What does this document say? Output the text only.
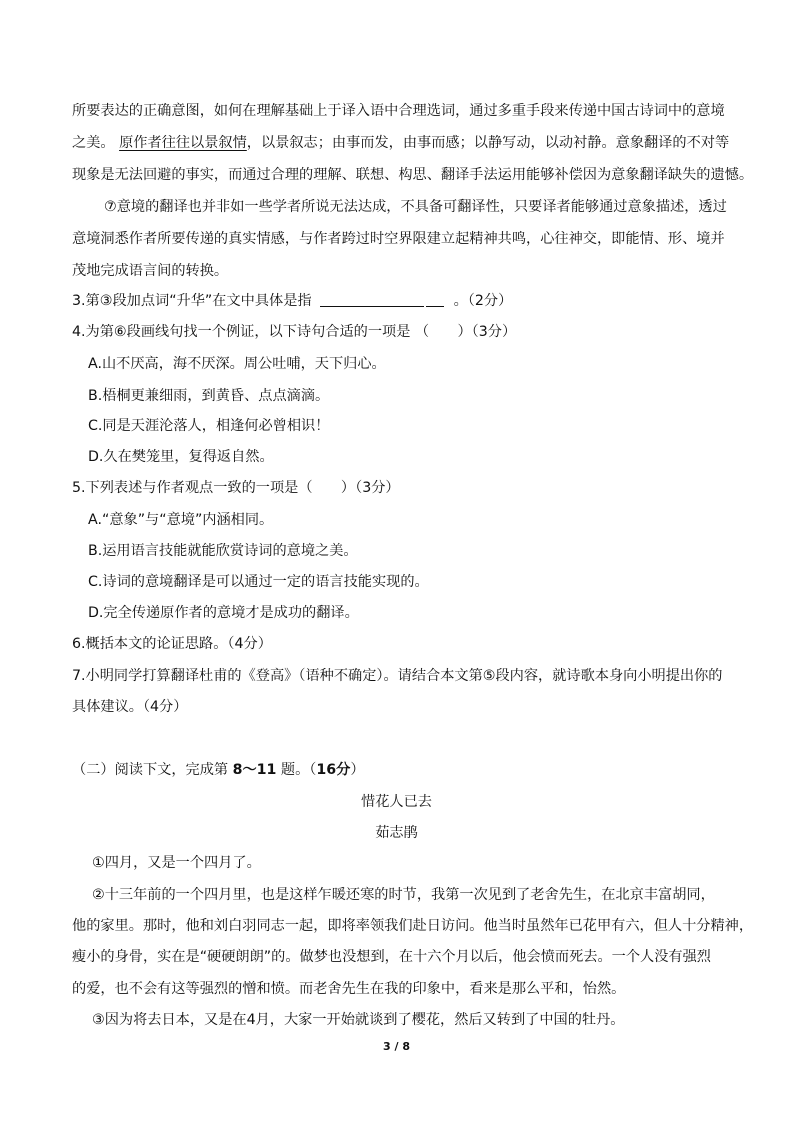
所要表达的正确意图，如何在理解基础上于译入语中合理选词，通过多重手段来传递中国古诗词中的意境
之美。 原作者往往以景叙情，以景叙志；由事而发，由事而感；以静写动，以动衬静。意象翻译的不对等
现象是无法回避的事实，而通过合理的理解、联想、构思、翻译手法运用能够补偿因为意象翻译缺失的遗憾。
⑦意境的翻译也并非如一些学者所说无法达成，不具备可翻译性，只要译者能够通过意象描述，透过
意境洞悉作者所要传递的真实情感，与作者跨过时空界限建立起精神共鸣，心往神交，即能情、形、境并
茂地完成语言间的转换。
3.第③段加点词“升华”在文中具体是指	。（2分）
4.为第⑥段画线句找一个例证，以下诗句合适的一项是 （　　）（3分）
A.山不厌高，海不厌深。周公吐哺，天下归心。
B.梧桐更兼细雨，到黄昏、点点滴滴。
C.同是天涯沦落人，相逢何必曾相识！
D.久在樊笼里，复得返自然。
5.下列表述与作者观点一致的一项是（　　）（3分）
A.“意象”与“意境”内涵相同。
B.运用语言技能就能欣赏诗词的意境之美。
C.诗词的意境翻译是可以通过一定的语言技能实现的。
D.完全传递原作者的意境才是成功的翻译。
6.概括本文的论证思路。（4分）
7.小明同学打算翻译杜甫的《登高》（语种不确定）。请结合本文第⑤段内容，就诗歌本身向小明提出你的
具体建议。（4分）
（二）阅读下文，完成第 8～11 题。（16分）
惜花人已去
茹志鹃
①四月，又是一个四月了。
②十三年前的一个四月里，也是这样乍暖还寒的时节，我第一次见到了老舍先生，在北京丰富胡同，
他的家里。那时，他和刘白羽同志一起，即将率领我们赴日访问。他当时虽然年已花甲有六，但人十分精神，
瘦小的身骨，实在是“硬硬朗朗”的。做梦也没想到，在十六个月以后，他会愤而死去。一个人没有强烈
的爱，也不会有这等强烈的憎和愤。而老舍先生在我的印象中，看来是那么平和，怡然。
③因为将去日本，又是在4月，大家一开始就谈到了樱花，然后又转到了中国的牡丹。
3 / 8
